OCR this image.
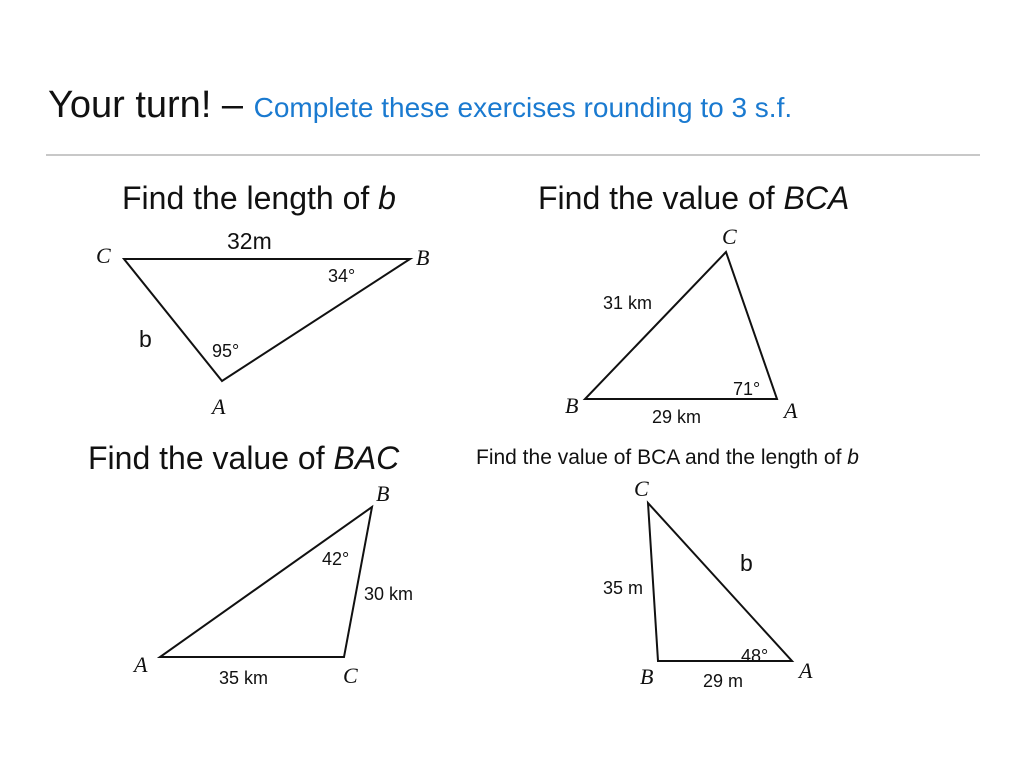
Your turn! – Complete these exercises rounding to 3 s.f.
Find the length of b	Find the value of BCA
Find the value of BAC	Find the value of BCA and the length of b
C	B
A
32m
34°
95°
b
C
B	A
31 km
71°
29 km
B
A	C
42°
30 km
35 km
C
B	A
35 m
b
48°
29 m
